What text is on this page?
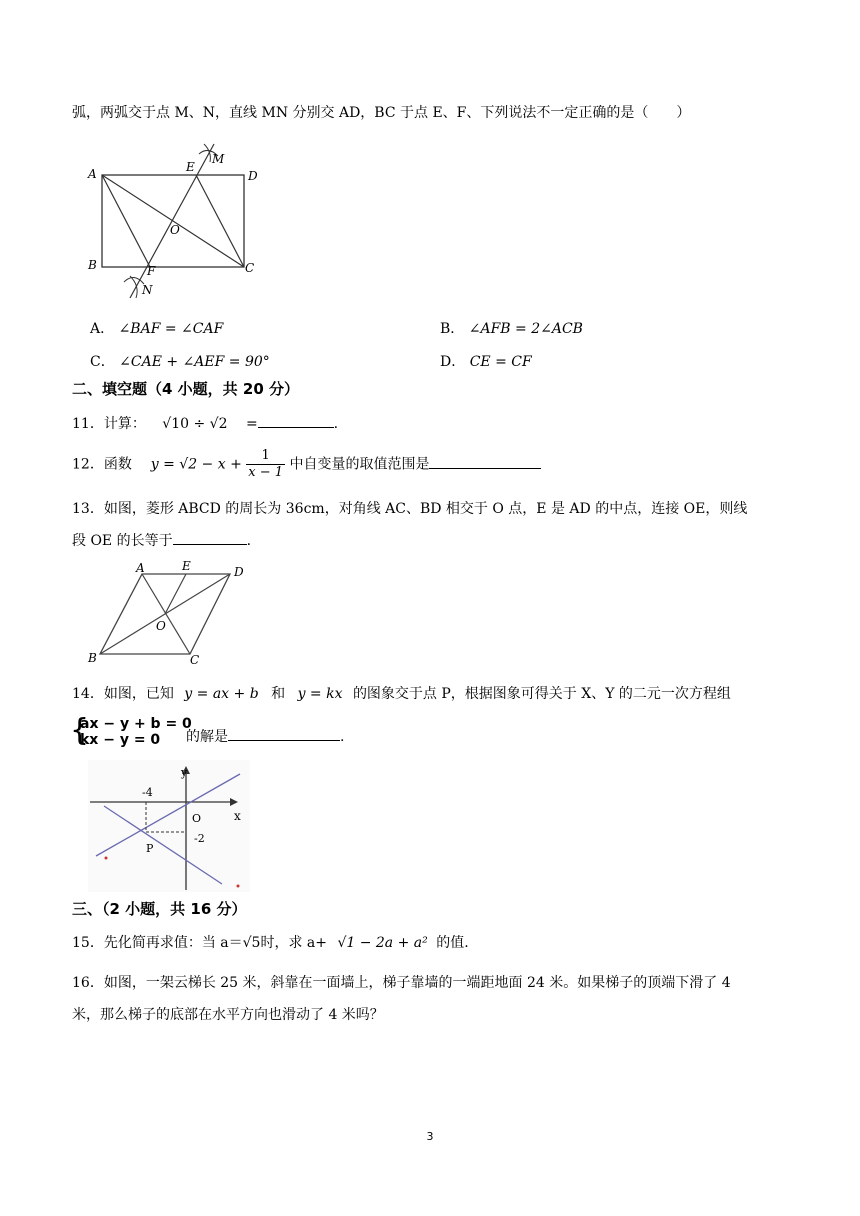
弧，两弧交于点 M、N，直线 MN 分别交 AD，BC 于点 E、F、下列说法不一定正确的是（　　）
A	D
B	C
E
F
M
N
O
A． ∠BAF = ∠CAF	B． ∠AFB = 2∠ACB
C． ∠CAE + ∠AEF = 90°	D． CE = CF
二、填空题（4 小题，共 20 分）
11．计算： √10 ÷ √2 =	.
12．函数 $y = √2 - x + \frac{1}{x - 1}$ 中自变量的取值范围是
13．如图，菱形 ABCD 的周长为 36cm，对角线 AC、BD 相交于 O 点，E 是 AD 的中点，连接 OE，则线
段 OE 的长等于	.
A	E	D
B	C
O
14．如图，已知 y = ax + b 和 y = kx 的图象交于点 P，根据图象可得关于 X、Y 的二元一次方程组
{
ax − y + b = 0
kx − y = 0	的解是	.
y
x
O
-4
-2
P
三、（2 小题，共 16 分）
15．先化简再求值：当 a＝√5时，求 a+ √1 − 2a + a² 的值.
16．如图，一架云梯长 25 米，斜靠在一面墙上，梯子靠墙的一端距地面 24 米。如果梯子的顶端下滑了 4
米，那么梯子的底部在水平方向也滑动了 4 米吗？
3
